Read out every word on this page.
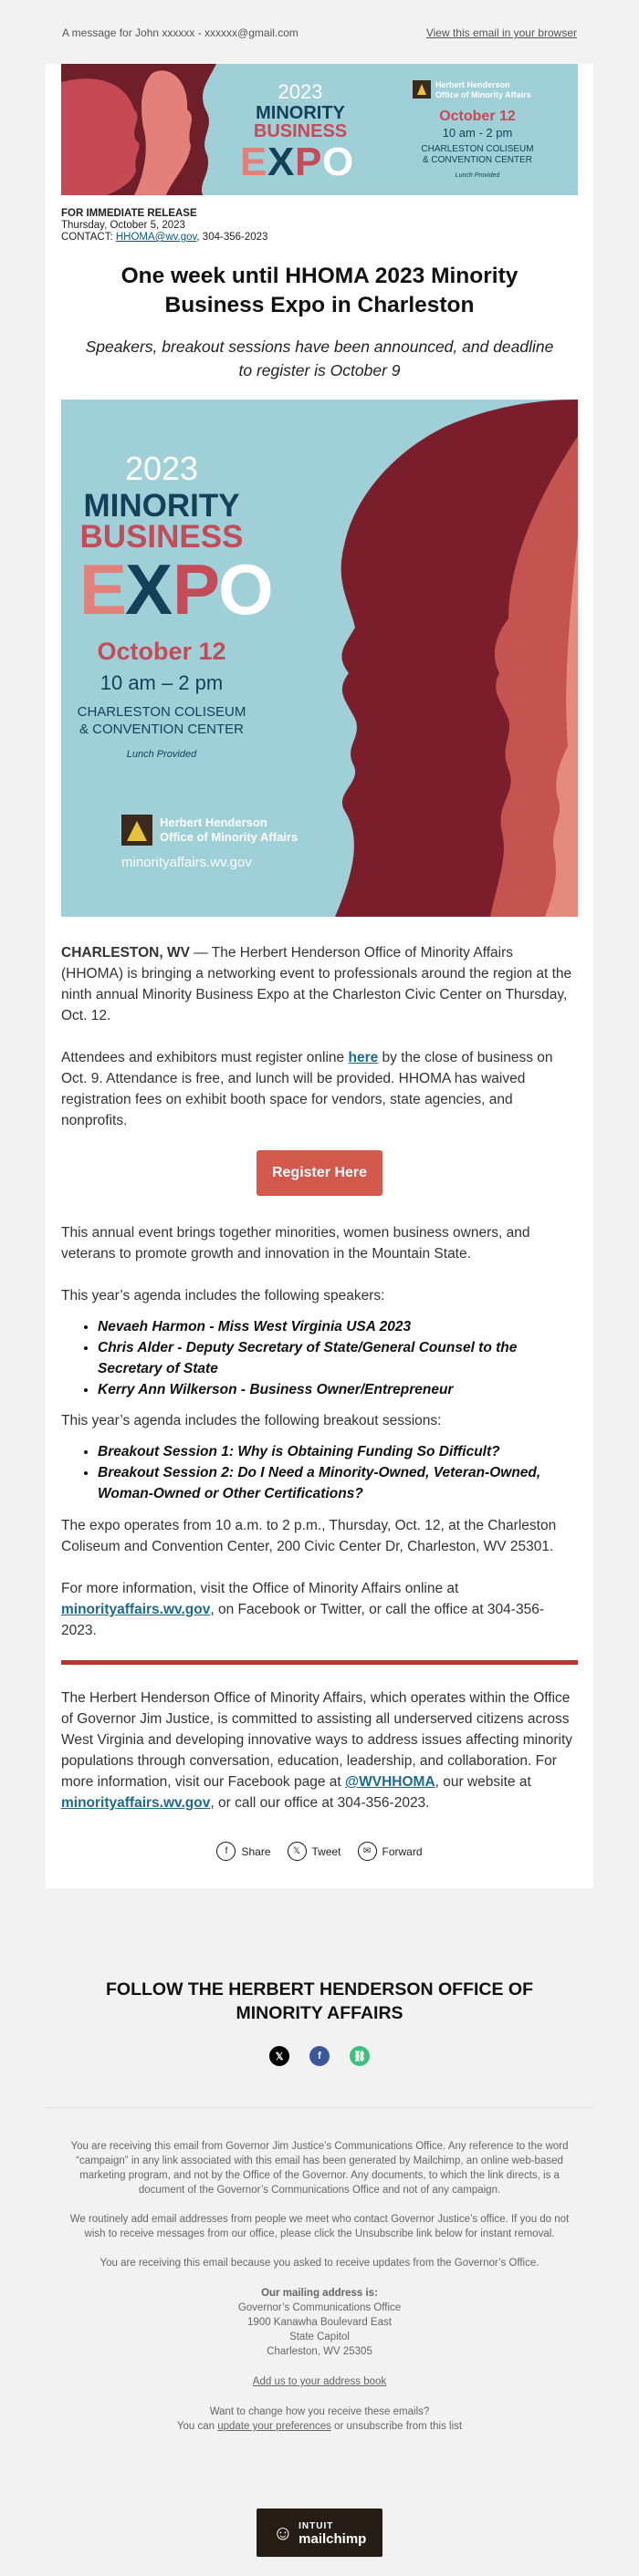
A message for John xxxxxx - xxxxxx@gmail.com	View this email in your browser
2023
MINORITY
BUSINESS
E X P O
Herbert Henderson
Office of Minority Affairs
October 12
10 am - 2 pm
CHARLESTON COLISEUM
& CONVENTION CENTER
Lunch Provided
FOR IMMEDIATE RELEASE
Thursday, October 5, 2023
CONTACT: HHOMA@wv.gov, 304-356-2023
One week until HHOMA 2023 Minority Business Expo in Charleston
Speakers, breakout sessions have been announced, and deadline to register is October 9
2023
MINORITY
BUSINESS
E
X P
O
October 12
10 am – 2 pm
CHARLESTON COLISEUM
& CONVENTION CENTER
Lunch Provided
Herbert Henderson
Office of Minority Affairs
minorityaffairs.wv.gov

CHARLESTON, WV — The Herbert Henderson Office of Minority Affairs (HHOMA) is bringing a networking event to professionals around the region at the ninth annual Minority Business Expo at the Charleston Civic Center on Thursday, Oct. 12.

Attendees and exhibitors must register online here by the close of business on Oct. 9. Attendance is free, and lunch will be provided. HHOMA has waived registration fees on exhibit booth space for vendors, state agencies, and nonprofits.

Register Here

This annual event brings together minorities, women business owners, and veterans to promote growth and innovation in the Mountain State.

This year’s agenda includes the following speakers:

• Nevaeh Harmon - Miss West Virginia USA 2023
• Chris Alder - Deputy Secretary of State/General Counsel to the Secretary of State
• Kerry Ann Wilkerson - Business Owner/Entrepreneur

This year’s agenda includes the following breakout sessions:

• Breakout Session 1: Why is Obtaining Funding So Difficult?
• Breakout Session 2: Do I Need a Minority-Owned, Veteran-Owned, Woman-Owned or Other Certifications?

The expo operates from 10 a.m. to 2 p.m., Thursday, Oct. 12, at the Charleston Coliseum and Convention Center, 200 Civic Center Dr, Charleston, WV 25301.

For more information, visit the Office of Minority Affairs online at minorityaffairs.wv.gov, on Facebook or Twitter, or call the office at 304-356-2023.

The Herbert Henderson Office of Minority Affairs, which operates within the Office of Governor Jim Justice, is committed to assisting all underserved citizens across West Virginia and developing innovative ways to address issues affecting minority populations through conversation, education, leadership, and collaboration. For more information, visit our Facebook page at @WVHHOMA, our website at minorityaffairs.wv.gov, or call our office at 304-356-2023.

f	Share	𝕏	Tweet	✉	Forward
FOLLOW THE HERBERT HENDERSON OFFICE OF MINORITY AFFAIRS
𝕏	f	⛓

You are receiving this email from Governor Jim Justice’s Communications Office. Any reference to the word “campaign” in any link associated with this email has been generated by Mailchimp, an online web-based marketing program, and not by the Office of the Governor. Any documents, to which the link directs, is a document of the Governor’s Communications Office and not of any campaign.

We routinely add email addresses from people we meet who contact Governor Justice’s office. If you do not wish to receive messages from our office, please click the Unsubscribe link below for instant removal.

You are receiving this email because you asked to receive updates from the Governor’s Office.

Our mailing address is:

Governor’s Communications Office

1900 Kanawha Boulevard East

State Capitol

Charleston, WV 25305

Add us to your address book

Want to change how you receive these emails?

You can update your preferences or unsubscribe from this list

☺ INTUIT
mailchimp
